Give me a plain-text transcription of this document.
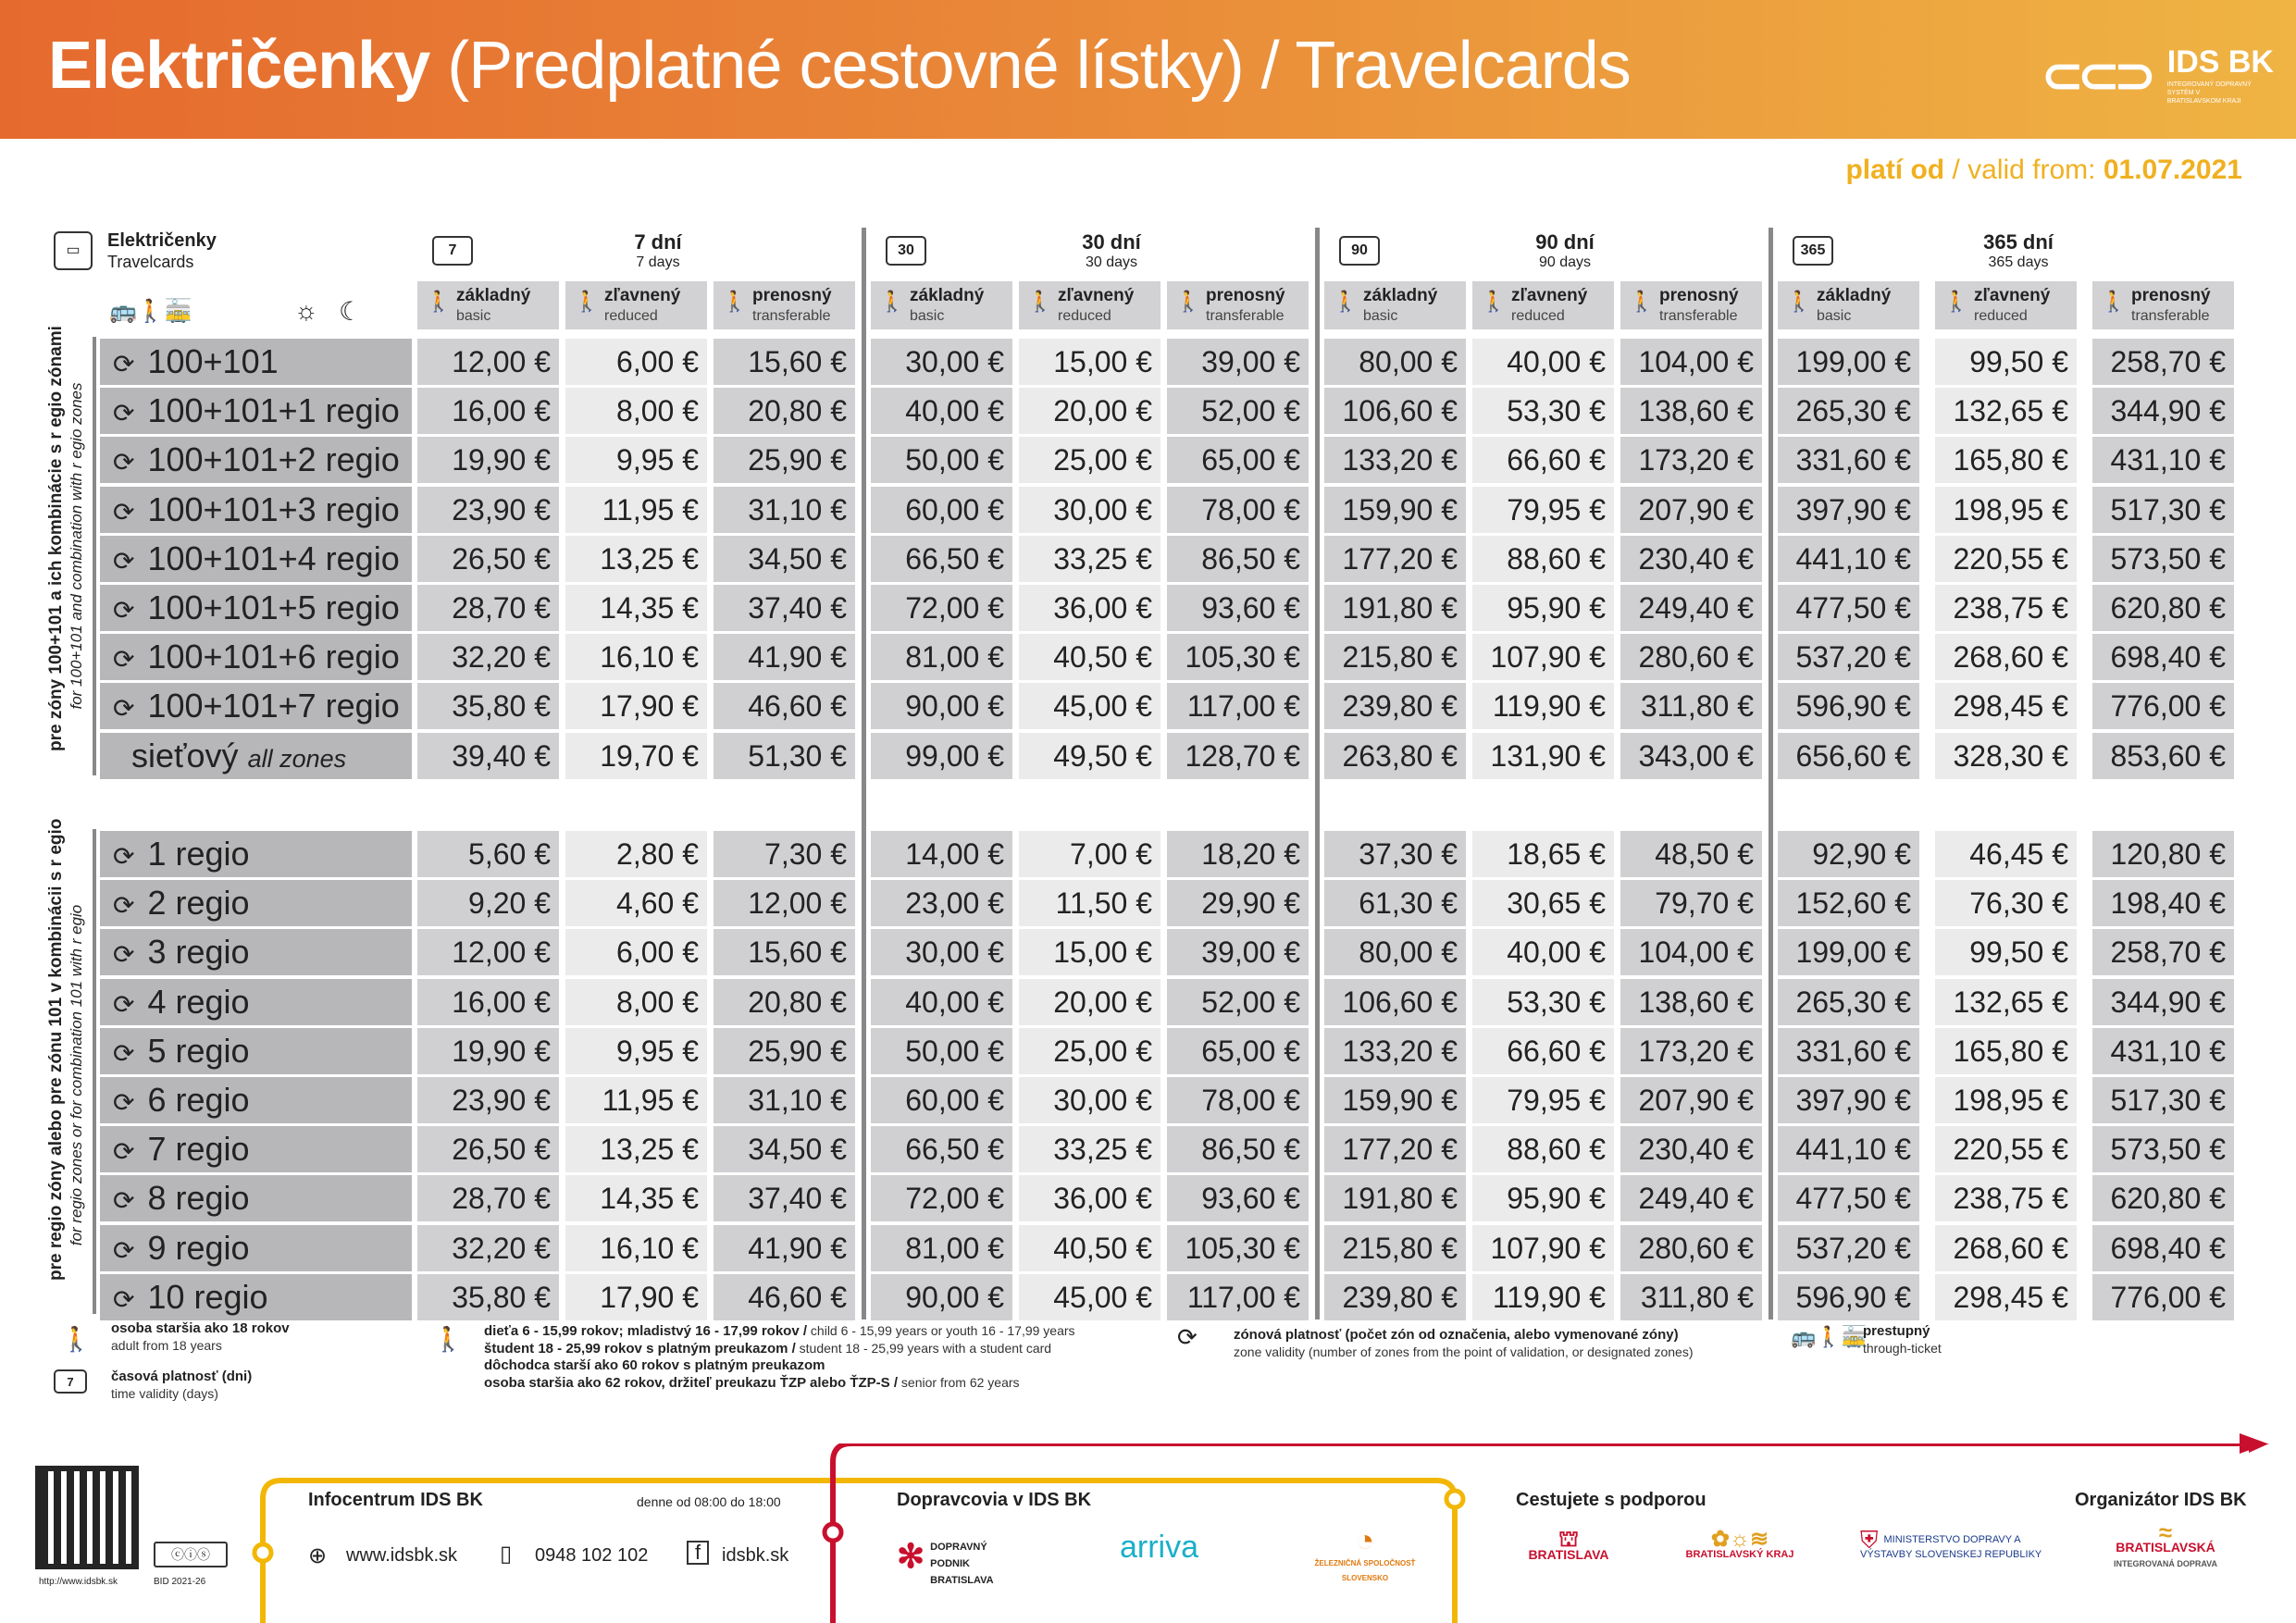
Električenky (Predplatné cestovné lístky) / Travelcards	⊂⊂⊃ IDS BK
INTEGROVANÝ DOPRAVNÝ SYSTÉM V BRATISLAVSKOM KRAJI
platí od / valid from: 01.07.2021
▭	Električenky
Travelcards
🚌🚶🚋	☼ ☾
7	7 dní
7 days
🚶 základný
basic
🚶 zľavnený
reduced
🚶 prenosný
transferable
30	30 dní
30 days
🚶 základný
basic
🚶 zľavnený
reduced
🚶 prenosný
transferable
90	90 dní
90 days
🚶 základný
basic
🚶 zľavnený
reduced
🚶 prenosný
transferable
365	365 dní
365 days
🚶 základný
basic
🚶 zľavnený
reduced
🚶 prenosný
transferable
pre zóny 100+101 a ich kombinácie s r egio zónami for 100+101 and combination with r egio zones
pre regio zóny alebo pre zónu 101 v kombinácii s r egio for regio zones or for combination 101 with r egio
⟳ 100+101	12,00 €	6,00 €	15,60 €	30,00 €	15,00 €	39,00 €	80,00 €	40,00 €	104,00 €	199,00 €	99,50 €	258,70 €
⟳ 100+101+1 regio	16,00 €	8,00 €	20,80 €	40,00 €	20,00 €	52,00 €	106,60 €	53,30 €	138,60 €	265,30 €	132,65 €	344,90 €
⟳ 100+101+2 regio	19,90 €	9,95 €	25,90 €	50,00 €	25,00 €	65,00 €	133,20 €	66,60 €	173,20 €	331,60 €	165,80 €	431,10 €
⟳ 100+101+3 regio	23,90 €	11,95 €	31,10 €	60,00 €	30,00 €	78,00 €	159,90 €	79,95 €	207,90 €	397,90 €	198,95 €	517,30 €
⟳ 100+101+4 regio	26,50 €	13,25 €	34,50 €	66,50 €	33,25 €	86,50 €	177,20 €	88,60 €	230,40 €	441,10 €	220,55 €	573,50 €
⟳ 100+101+5 regio	28,70 €	14,35 €	37,40 €	72,00 €	36,00 €	93,60 €	191,80 €	95,90 €	249,40 €	477,50 €	238,75 €	620,80 €
⟳ 100+101+6 regio	32,20 €	16,10 €	41,90 €	81,00 €	40,50 €	105,30 €	215,80 €	107,90 €	280,60 €	537,20 €	268,60 €	698,40 €
⟳ 100+101+7 regio	35,80 €	17,90 €	46,60 €	90,00 €	45,00 €	117,00 €	239,80 €	119,90 €	311,80 €	596,90 €	298,45 €	776,00 €
sieťový all zones	39,40 €	19,70 €	51,30 €	99,00 €	49,50 €	128,70 €	263,80 €	131,90 €	343,00 €	656,60 €	328,30 €	853,60 €
⟳ 1 regio	5,60 €	2,80 €	7,30 €	14,00 €	7,00 €	18,20 €	37,30 €	18,65 €	48,50 €	92,90 €	46,45 €	120,80 €
⟳ 2 regio	9,20 €	4,60 €	12,00 €	23,00 €	11,50 €	29,90 €	61,30 €	30,65 €	79,70 €	152,60 €	76,30 €	198,40 €
⟳ 3 regio	12,00 €	6,00 €	15,60 €	30,00 €	15,00 €	39,00 €	80,00 €	40,00 €	104,00 €	199,00 €	99,50 €	258,70 €
⟳ 4 regio	16,00 €	8,00 €	20,80 €	40,00 €	20,00 €	52,00 €	106,60 €	53,30 €	138,60 €	265,30 €	132,65 €	344,90 €
⟳ 5 regio	19,90 €	9,95 €	25,90 €	50,00 €	25,00 €	65,00 €	133,20 €	66,60 €	173,20 €	331,60 €	165,80 €	431,10 €
⟳ 6 regio	23,90 €	11,95 €	31,10 €	60,00 €	30,00 €	78,00 €	159,90 €	79,95 €	207,90 €	397,90 €	198,95 €	517,30 €
⟳ 7 regio	26,50 €	13,25 €	34,50 €	66,50 €	33,25 €	86,50 €	177,20 €	88,60 €	230,40 €	441,10 €	220,55 €	573,50 €
⟳ 8 regio	28,70 €	14,35 €	37,40 €	72,00 €	36,00 €	93,60 €	191,80 €	95,90 €	249,40 €	477,50 €	238,75 €	620,80 €
⟳ 9 regio	32,20 €	16,10 €	41,90 €	81,00 €	40,50 €	105,30 €	215,80 €	107,90 €	280,60 €	537,20 €	268,60 €	698,40 €
⟳ 10 regio	35,80 €	17,90 €	46,60 €	90,00 €	45,00 €	117,00 €	239,80 €	119,90 €	311,80 €	596,90 €	298,45 €	776,00 €
🚶 osoba staršia ako 18 rokov
adult from 18 years
7	časová platnosť (dni)
time validity (days)
🚶 dieťa 6 - 15,99 rokov; mladistvý 16 - 17,99 rokov / child 6 - 15,99 years or youth 16 - 17,99 years
študent 18 - 25,99 rokov s platným preukazom / student 18 - 25,99 years with a student card
dôchodca starší ako 60 rokov s platným preukazom
osoba staršia ako 62 rokov, držiteľ preukazu ŤZP alebo ŤZP-S / senior from 62 years
⟳	zónová platnosť (počet zón od označenia, alebo vymenované zóny)
zone validity (number of zones from the point of validation, or designated zones)
🚌🚶🚋
prestupný
through-ticket
http://www.idsbk.sk
ⓒⓘⓢ
BID 2021-26
Infocentrum IDS BK	denne od 08:00 do 18:00
⊕ www.idsbk.sk ▯ 0948 102 102	f	idsbk.sk
Dopravcovia v IDS BK
✻ DOPRAVNÝ PODNIK BRATISLAVA
arriva	◔
ŽELEZNIČNÁ SPOLOČNOSŤ SLOVENSKO
Cestujete s podporou
⛫
BRATISLAVA
✿☼≋
BRATISLAVSKÝ KRAJ
⛨ MINISTERSTVO DOPRAVY A VÝSTAVBY SLOVENSKEJ REPUBLIKY
Organizátor IDS BK
≈
BRATISLAVSKÁ
INTEGROVANÁ DOPRAVA
